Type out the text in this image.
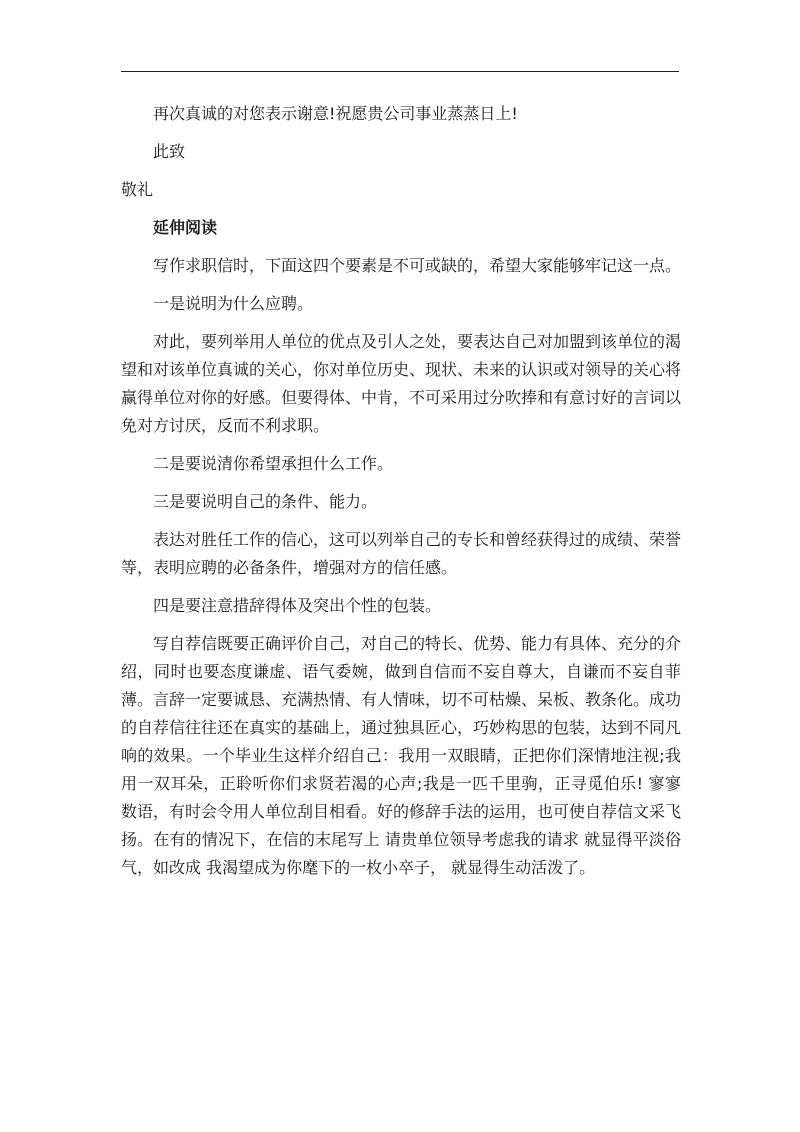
再次真诚的对您表示谢意!祝愿贵公司事业蒸蒸日上!

此致

敬礼

延伸阅读

写作求职信时，下面这四个要素是不可或缺的，希望大家能够牢记这一点。

一是说明为什么应聘。

对此，要列举用人单位的优点及引人之处，要表达自己对加盟到该单位的渴望和对该单位真诚的关心，你对单位历史、现状、未来的认识或对领导的关心将赢得单位对你的好感。但要得体、中肯，不可采用过分吹捧和有意讨好的言词以免对方讨厌，反而不利求职。

二是要说清你希望承担什么工作。

三是要说明自己的条件、能力。

表达对胜任工作的信心，这可以列举自己的专长和曾经获得过的成绩、荣誉等，表明应聘的必备条件，增强对方的信任感。

四是要注意措辞得体及突出个性的包装。

写自荐信既要正确评价自己，对自己的特长、优势、能力有具体、充分的介绍，同时也要态度谦虚、语气委婉，做到自信而不妄自尊大，自谦而不妄自菲薄。言辞一定要诚恳、充满热情、有人情味，切不可枯燥、呆板、教条化。成功的自荐信往往还在真实的基础上，通过独具匠心，巧妙构思的包装，达到不同凡响的效果。一个毕业生这样介绍自己：我用一双眼睛，正把你们深情地注视;我用一双耳朵，正聆听你们求贤若渴的心声;我是一匹千里驹，正寻觅伯乐! 寥寥数语，有时会令用人单位刮目相看。好的修辞手法的运用，也可使自荐信文采飞扬。在有的情况下，在信的末尾写上 请贵单位领导考虑我的请求 就显得平淡俗气，如改成 我渴望成为你麾下的一枚小卒子， 就显得生动活泼了。
